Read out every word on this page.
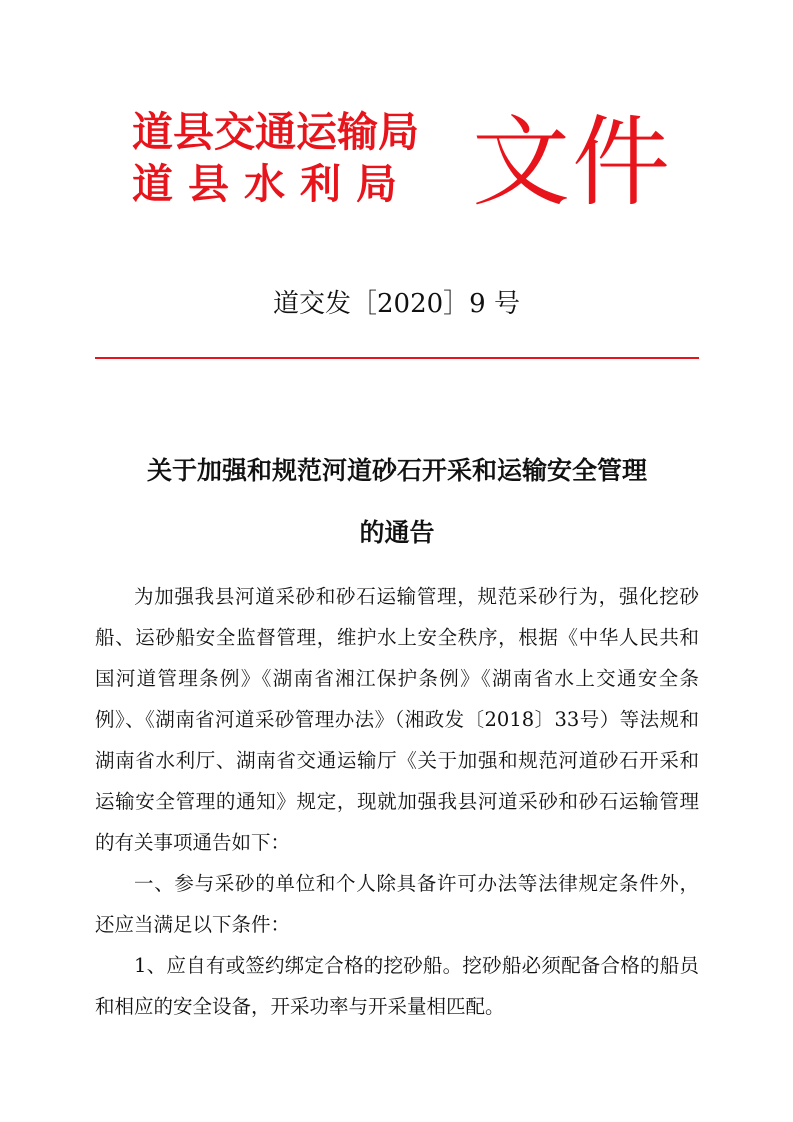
道县交通运输局
道县水利局 文件
道交发［2020］9 号
关于加强和规范河道砂石开采和运输安全管理
的通告

为加强我县河道采砂和砂石运输管理，规范采砂行为，强化挖砂船、运砂船安全监督管理，维护水上安全秩序，根据《中华人民共和国河道管理条例》《湖南省湘江保护条例》《湖南省水上交通安全条例》、《湖南省河道采砂管理办法》（湘政发〔2018〕33号）等法规和湖南省水利厅、湖南省交通运输厅《关于加强和规范河道砂石开采和运输安全管理的通知》规定，现就加强我县河道采砂和砂石运输管理的有关事项通告如下：

一、参与采砂的单位和个人除具备许可办法等法律规定条件外，还应当满足以下条件：

1、应自有或签约绑定合格的挖砂船。挖砂船必须配备合格的船员和相应的安全设备，开采功率与开采量相匹配。
